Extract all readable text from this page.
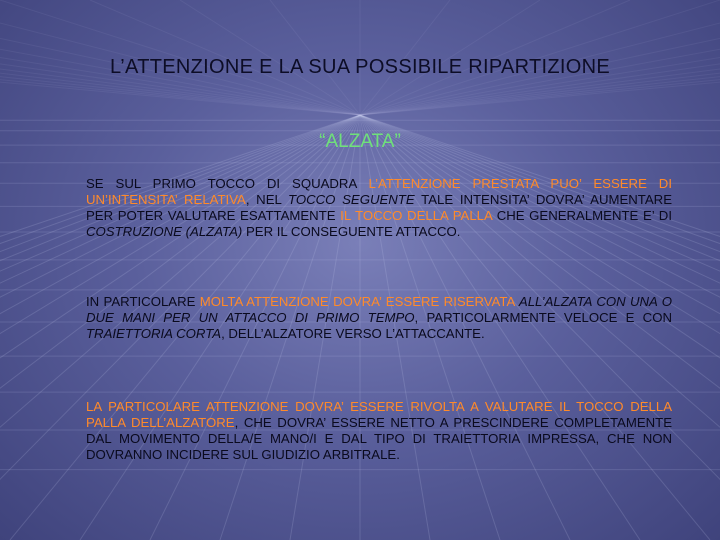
L’ATTENZIONE E LA SUA POSSIBILE RIPARTIZIONE
“ALZATA”
SE SUL PRIMO TOCCO DI SQUADRA L’ATTENZIONE PRESTATA PUO’ ESSERE DI UN’INTENSITA’ RELATIVA, NEL TOCCO SEGUENTE TALE INTENSITA’ DOVRA’ AUMENTARE PER POTER VALUTARE ESATTAMENTE IL TOCCO DELLA PALLA CHE GENERALMENTE E’ DI COSTRUZIONE (ALZATA) PER IL CONSEGUENTE ATTACCO.
IN PARTICOLARE MOLTA ATTENZIONE DOVRA’ ESSERE RISERVATA ALL’ALZATA CON UNA O DUE MANI PER UN ATTACCO DI PRIMO TEMPO, PARTICOLARMENTE VELOCE E CON TRAIETTORIA CORTA, DELL’ALZATORE VERSO L’ATTACCANTE.
LA PARTICOLARE ATTENZIONE DOVRA’ ESSERE RIVOLTA A VALUTARE IL TOCCO DELLA PALLA DELL’ALZATORE, CHE DOVRA’ ESSERE NETTO A PRESCINDERE COMPLETAMENTE DAL MOVIMENTO DELLA/E MANO/I E DAL TIPO DI TRAIETTORIA IMPRESSA, CHE NON DOVRANNO INCIDERE SUL GIUDIZIO ARBITRALE.
